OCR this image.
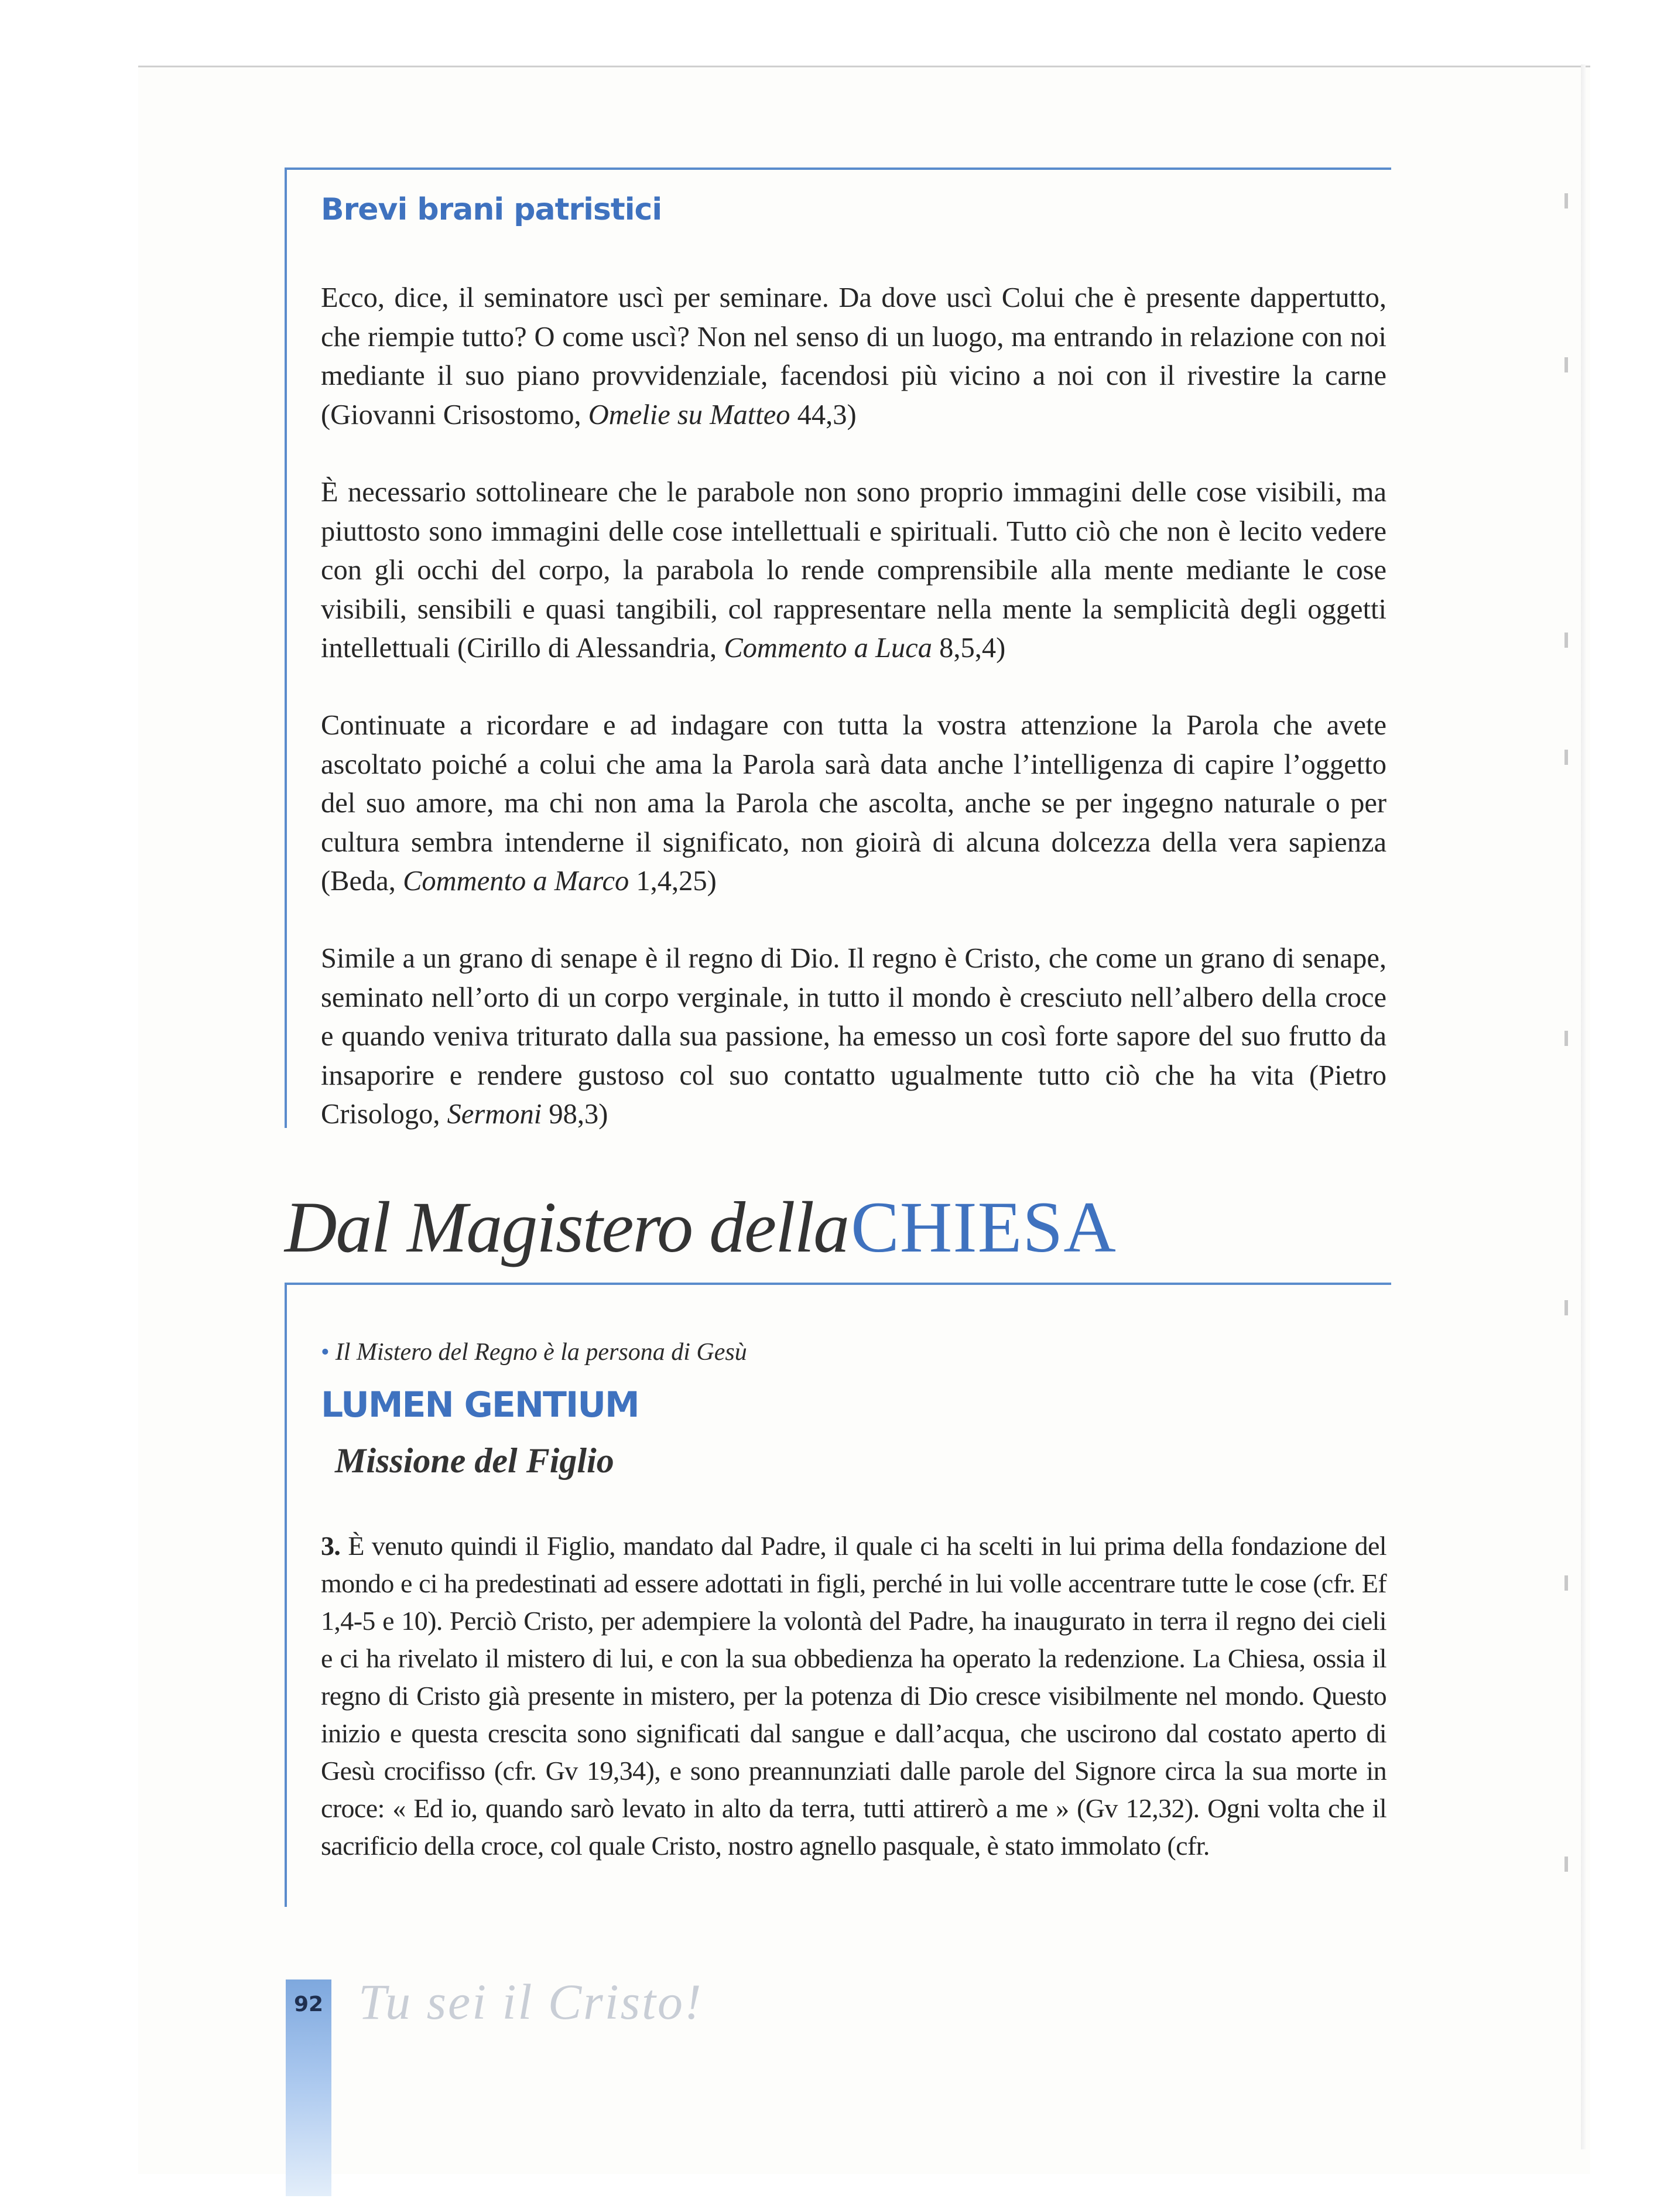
Brevi brani patristici

Ecco, dice, il seminatore uscì per seminare. Da dove uscì Colui che è presente dappertutto, che riempie tutto? O come uscì? Non nel senso di un luogo, ma entrando in relazione con noi mediante il suo piano provvidenziale, facendosi più vicino a noi con il rivestire la carne (Giovanni Crisostomo, Omelie su Matteo 44,3)

È necessario sottolineare che le parabole non sono proprio immagini delle cose visibili, ma piuttosto sono immagini delle cose intellettuali e spirituali. Tutto ciò che non è lecito vedere con gli occhi del corpo, la parabola lo rende comprensibile alla mente mediante le cose visibili, sensibili e quasi tangibili, col rappresentare nella mente la semplicità degli oggetti intellettuali (Cirillo di Alessandria, Commento a Luca 8,5,4)

Continuate a ricordare e ad indagare con tutta la vostra attenzione la Parola che avete ascoltato poiché a colui che ama la Parola sarà data anche l’intelligenza di capire l’oggetto del suo amore, ma chi non ama la Parola che ascolta, anche se per ingegno naturale o per cultura sembra intenderne il significato, non gioirà di alcuna dolcezza della vera sapienza (Beda, Commento a Marco 1,4,25)

Simile a un grano di senape è il regno di Dio. Il regno è Cristo, che come un grano di senape, seminato nell’orto di un corpo verginale, in tutto il mondo è cresciuto nell’albero della croce e quando veniva triturato dalla sua passione, ha emesso un così forte sapore del suo frutto da insaporire e rendere gustoso col suo contatto ugualmente tutto ciò che ha vita (Pietro Crisologo, Sermoni 98,3)

Dal Magistero della CHIESA
• Il Mistero del Regno è la persona di Gesù
LUMEN GENTIUM
Missione del Figlio

3. È venuto quindi il Figlio, mandato dal Padre, il quale ci ha scelti in lui prima della fondazione del mondo e ci ha predestinati ad essere adottati in figli, perché in lui volle accentrare tutte le cose (cfr. Ef 1,4-5 e 10). Perciò Cristo, per adempiere la volontà del Padre, ha inaugurato in terra il regno dei cieli e ci ha rivelato il mistero di lui, e con la sua obbedienza ha operato la redenzione. La Chiesa, ossia il regno di Cristo già presente in mistero, per la potenza di Dio cresce visibilmente nel mondo. Questo inizio e questa crescita sono significati dal sangue e dall’acqua, che uscirono dal costato aperto di Gesù crocifisso (cfr. Gv 19,34), e sono preannunziati dalle parole del Signore circa la sua morte in croce: « Ed io, quando sarò levato in alto da terra, tutti attirerò a me » (Gv 12,32). Ogni volta che il sacrificio della croce, col quale Cristo, nostro agnello pasquale, è stato immolato (cfr.

92 Tu sei il Cristo!
